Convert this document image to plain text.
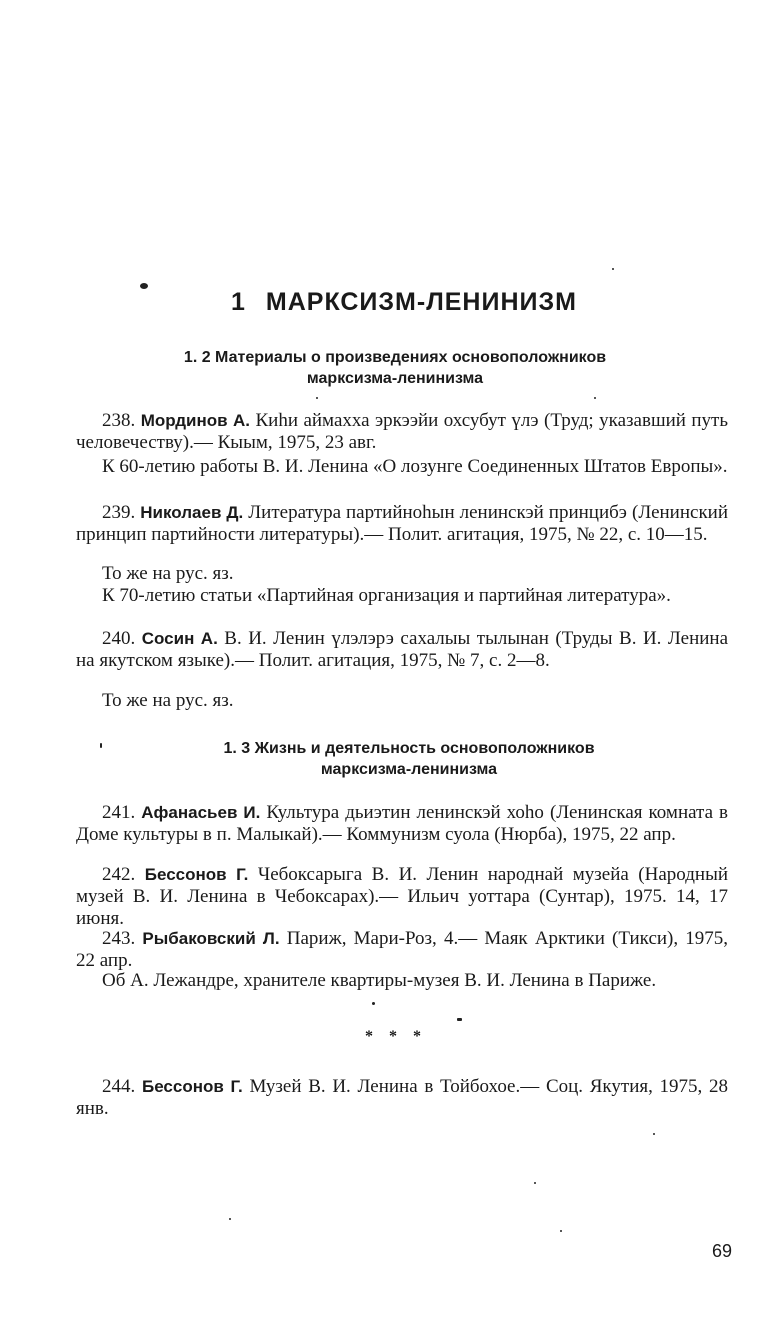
1 МАРКСИЗМ-ЛЕНИНИЗМ
1. 2 Материалы о произведениях основоположников
марксизма-ленинизма
238. Мординов А. Киһи аймахха эркээйи охсубут үлэ (Труд; указавший путь человечеству).— Кыым, 1975, 23 авг.
К 60-летию работы В. И. Ленина «О лозунге Соединенных Штатов Европы».
239. Николаев Д. Литература партийноһын ленинскэй принцибэ (Ленинский принцип партийности литературы).— Полит. агитация, 1975, № 22, с. 10—15.
То же на рус. яз.
К 70-летию статьи «Партийная организация и партийная литература».
240. Сосин А. В. И. Ленин үлэлэрэ сахалыы тылынан (Труды В. И. Ленина на якутском языке).— Полит. агитация, 1975, № 7, с. 2—8.
То же на рус. яз.
1. 3 Жизнь и деятельность основоположников
марксизма-ленинизма
241. Афанасьев И. Культура дьиэтин ленинскэй хоһо (Ленинская комната в Доме культуры в п. Малыкай).— Коммунизм суола (Нюрба), 1975, 22 апр.
242. Бессонов Г. Чебоксарыга В. И. Ленин народнай музейа (Народный музей В. И. Ленина в Чебоксарах).— Ильич уоттара (Сунтар), 1975. 14, 17 июня.
243. Рыбаковский Л. Париж, Мари-Роз, 4.— Маяк Арктики (Тикси), 1975, 22 апр.
Об А. Лежандре, хранителе квартиры-музея В. И. Ленина в Париже.
* * *
244. Бессонов Г. Музей В. И. Ленина в Тойбохое.— Соц. Якутия, 1975, 28 янв.
69
